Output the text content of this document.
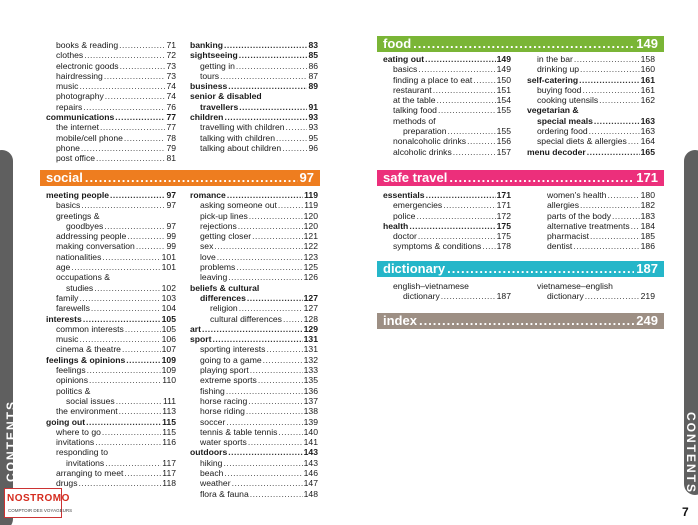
CONTENTS	CONTENTS
7
books & reading .....	71
clothes .....	72
electronic goods .....	73
hairdressing .....	73
music .....	74
photography .....	74
repairs .....	76
communications .....	77
the internet .....	77
mobile/cell phone .....	78
phone .....	79
post office .....	81
banking .....	83
sightseeing .....	85
getting in .....	86
tours .....	87
business .....	89
senior & disabled
travellers .....	91
children .....	93
travelling with children .....	93
talking with children .....	95
talking about children .....	96
social .....	97
meeting people .....	97
basics .....	97
greetings &
goodbyes .....	97
addressing people .....	99
making conversation .....	99
nationalities .....	101
age .....	101
occupations &
studies .....	102
family .....	103
farewells .....	104
interests .....	105
common interests .....	105
music .....	106
cinema & theatre .....	107
feelings & opinions .....	109
feelings .....	109
opinions .....	110
politics &
social issues .....	111
the environment .....	113
going out .....	115
where to go .....	115
invitations .....	116
responding to
invitations .....	117
arranging to meet .....	117
drugs .....	118
romance .....	119
asking someone out .....	119
pick-up lines .....	120
rejections .....	120
getting closer .....	121
sex .....	122
love .....	123
problems .....	125
leaving .....	126
beliefs & cultural
differences .....	127
religion .....	127
cultural differences .....	128
art .....	129
sport .....	131
sporting interests .....	131
going to a game .....	132
playing sport .....	133
extreme sports .....	135
fishing .....	136
horse racing .....	137
horse riding .....	138
soccer .....	139
tennis & table tennis .....	140
water sports .....	141
outdoors .....	143
hiking .....	143
beach .....	146
weather .....	147
flora & fauna .....	148
food .....	149
eating out .....	149
basics .....	149
finding a place to eat .....	150
restaurant .....	151
at the table .....	154
talking food .....	155
methods of
preparation .....	155
nonalcoholic drinks .....	156
alcoholic drinks .....	157
in the bar .....	158
drinking up .....	160
self-catering .....	161
buying food .....	161
cooking utensils .....	162
vegetarian &
special meals .....	163
ordering food .....	163
special diets & allergies ..... 164
menu decoder .....	165
safe travel .....	171
essentials .....	171
emergencies .....	171
police .....	172
health .....	175
doctor .....	175
symptoms & conditions ..... 178
women's health .....	180
allergies .....	182
parts of the body .....	183
alternative treatments ..... 184
pharmacist .....	185
dentist .....	186
dictionary .....	187
english–vietnamese
dictionary .....	187
vietnamese–english
dictionary .....	219
index .....	249
NOSTROMO
COMPTOIR DES VOYAGEURS
